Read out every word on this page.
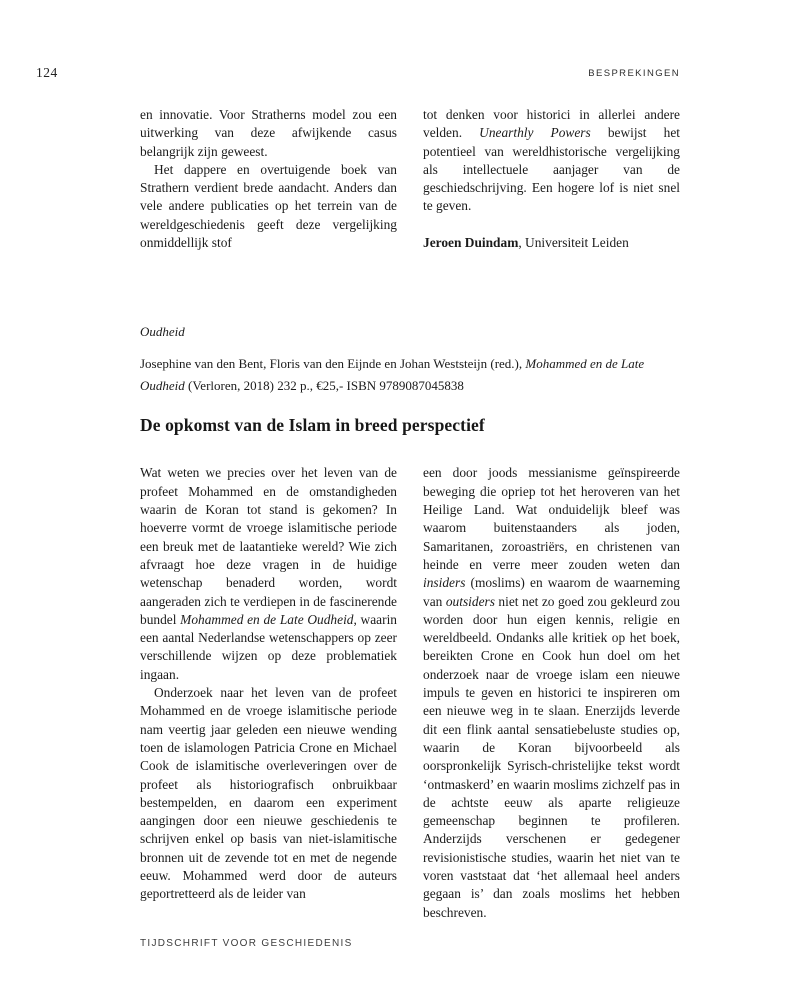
124	BESPREKINGEN

en innovatie. Voor Stratherns model zou een uitwerking van deze afwijkende casus belangrijk zijn geweest.

Het dappere en overtuigende boek van Strathern verdient brede aandacht. Anders dan vele andere publicaties op het terrein van de wereldgeschiedenis geeft deze vergelijking onmiddellijk stof

tot denken voor historici in allerlei andere velden. Unearthly Powers bewijst het potentieel van wereldhistorische vergelijking als intellectuele aanjager van de geschiedschrijving. Een hogere lof is niet snel te geven.

Jeroen Duindam, Universiteit Leiden

Oudheid

Josephine van den Bent, Floris van den Eijnde en Johan Weststeijn (red.), Mohammed en de Late Oudheid (Verloren, 2018) 232 p., €25,- ISBN 9789087045838

De opkomst van de Islam in breed perspectief

Wat weten we precies over het leven van de profeet Mohammed en de omstandigheden waarin de Koran tot stand is gekomen? In hoeverre vormt de vroege islamitische periode een breuk met de laatantieke wereld? Wie zich afvraagt hoe deze vragen in de huidige wetenschap benaderd worden, wordt aangeraden zich te verdiepen in de fascinerende bundel Mohammed en de Late Oudheid, waarin een aantal Nederlandse wetenschappers op zeer verschillende wijzen op deze problematiek ingaan.

Onderzoek naar het leven van de profeet Mohammed en de vroege islamitische periode nam veertig jaar geleden een nieuwe wending toen de islamologen Patricia Crone en Michael Cook de islamitische overleveringen over de profeet als historiografisch onbruikbaar bestempelden, en daarom een experiment aangingen door een nieuwe geschiedenis te schrijven enkel op basis van niet-islamitische bronnen uit de zevende tot en met de negende eeuw. Mohammed werd door de auteurs geportretteerd als de leider van

een door joods messianisme geïnspireerde beweging die opriep tot het heroveren van het Heilige Land. Wat onduidelijk bleef was waarom buitenstaanders als joden, Samaritanen, zoroastriërs, en christenen van heinde en verre meer zouden weten dan insiders (moslims) en waarom de waarneming van outsiders niet net zo goed zou gekleurd zou worden door hun eigen kennis, religie en wereldbeeld. Ondanks alle kritiek op het boek, bereikten Crone en Cook hun doel om het onderzoek naar de vroege islam een nieuwe impuls te geven en historici te inspireren om een nieuwe weg in te slaan. Enerzijds leverde dit een flink aantal sensatiebeluste studies op, waarin de Koran bijvoorbeeld als oorspronkelijk Syrisch-christelijke tekst wordt ‘ontmaskerd’ en waarin moslims zichzelf pas in de achtste eeuw als aparte religieuze gemeenschap beginnen te profileren. Anderzijds verschenen er gedegener revisionistische studies, waarin het niet van te voren vaststaat dat ‘het allemaal heel anders gegaan is’ dan zoals moslims het hebben beschreven.

TIJDSCHRIFT VOOR GESCHIEDENIS
